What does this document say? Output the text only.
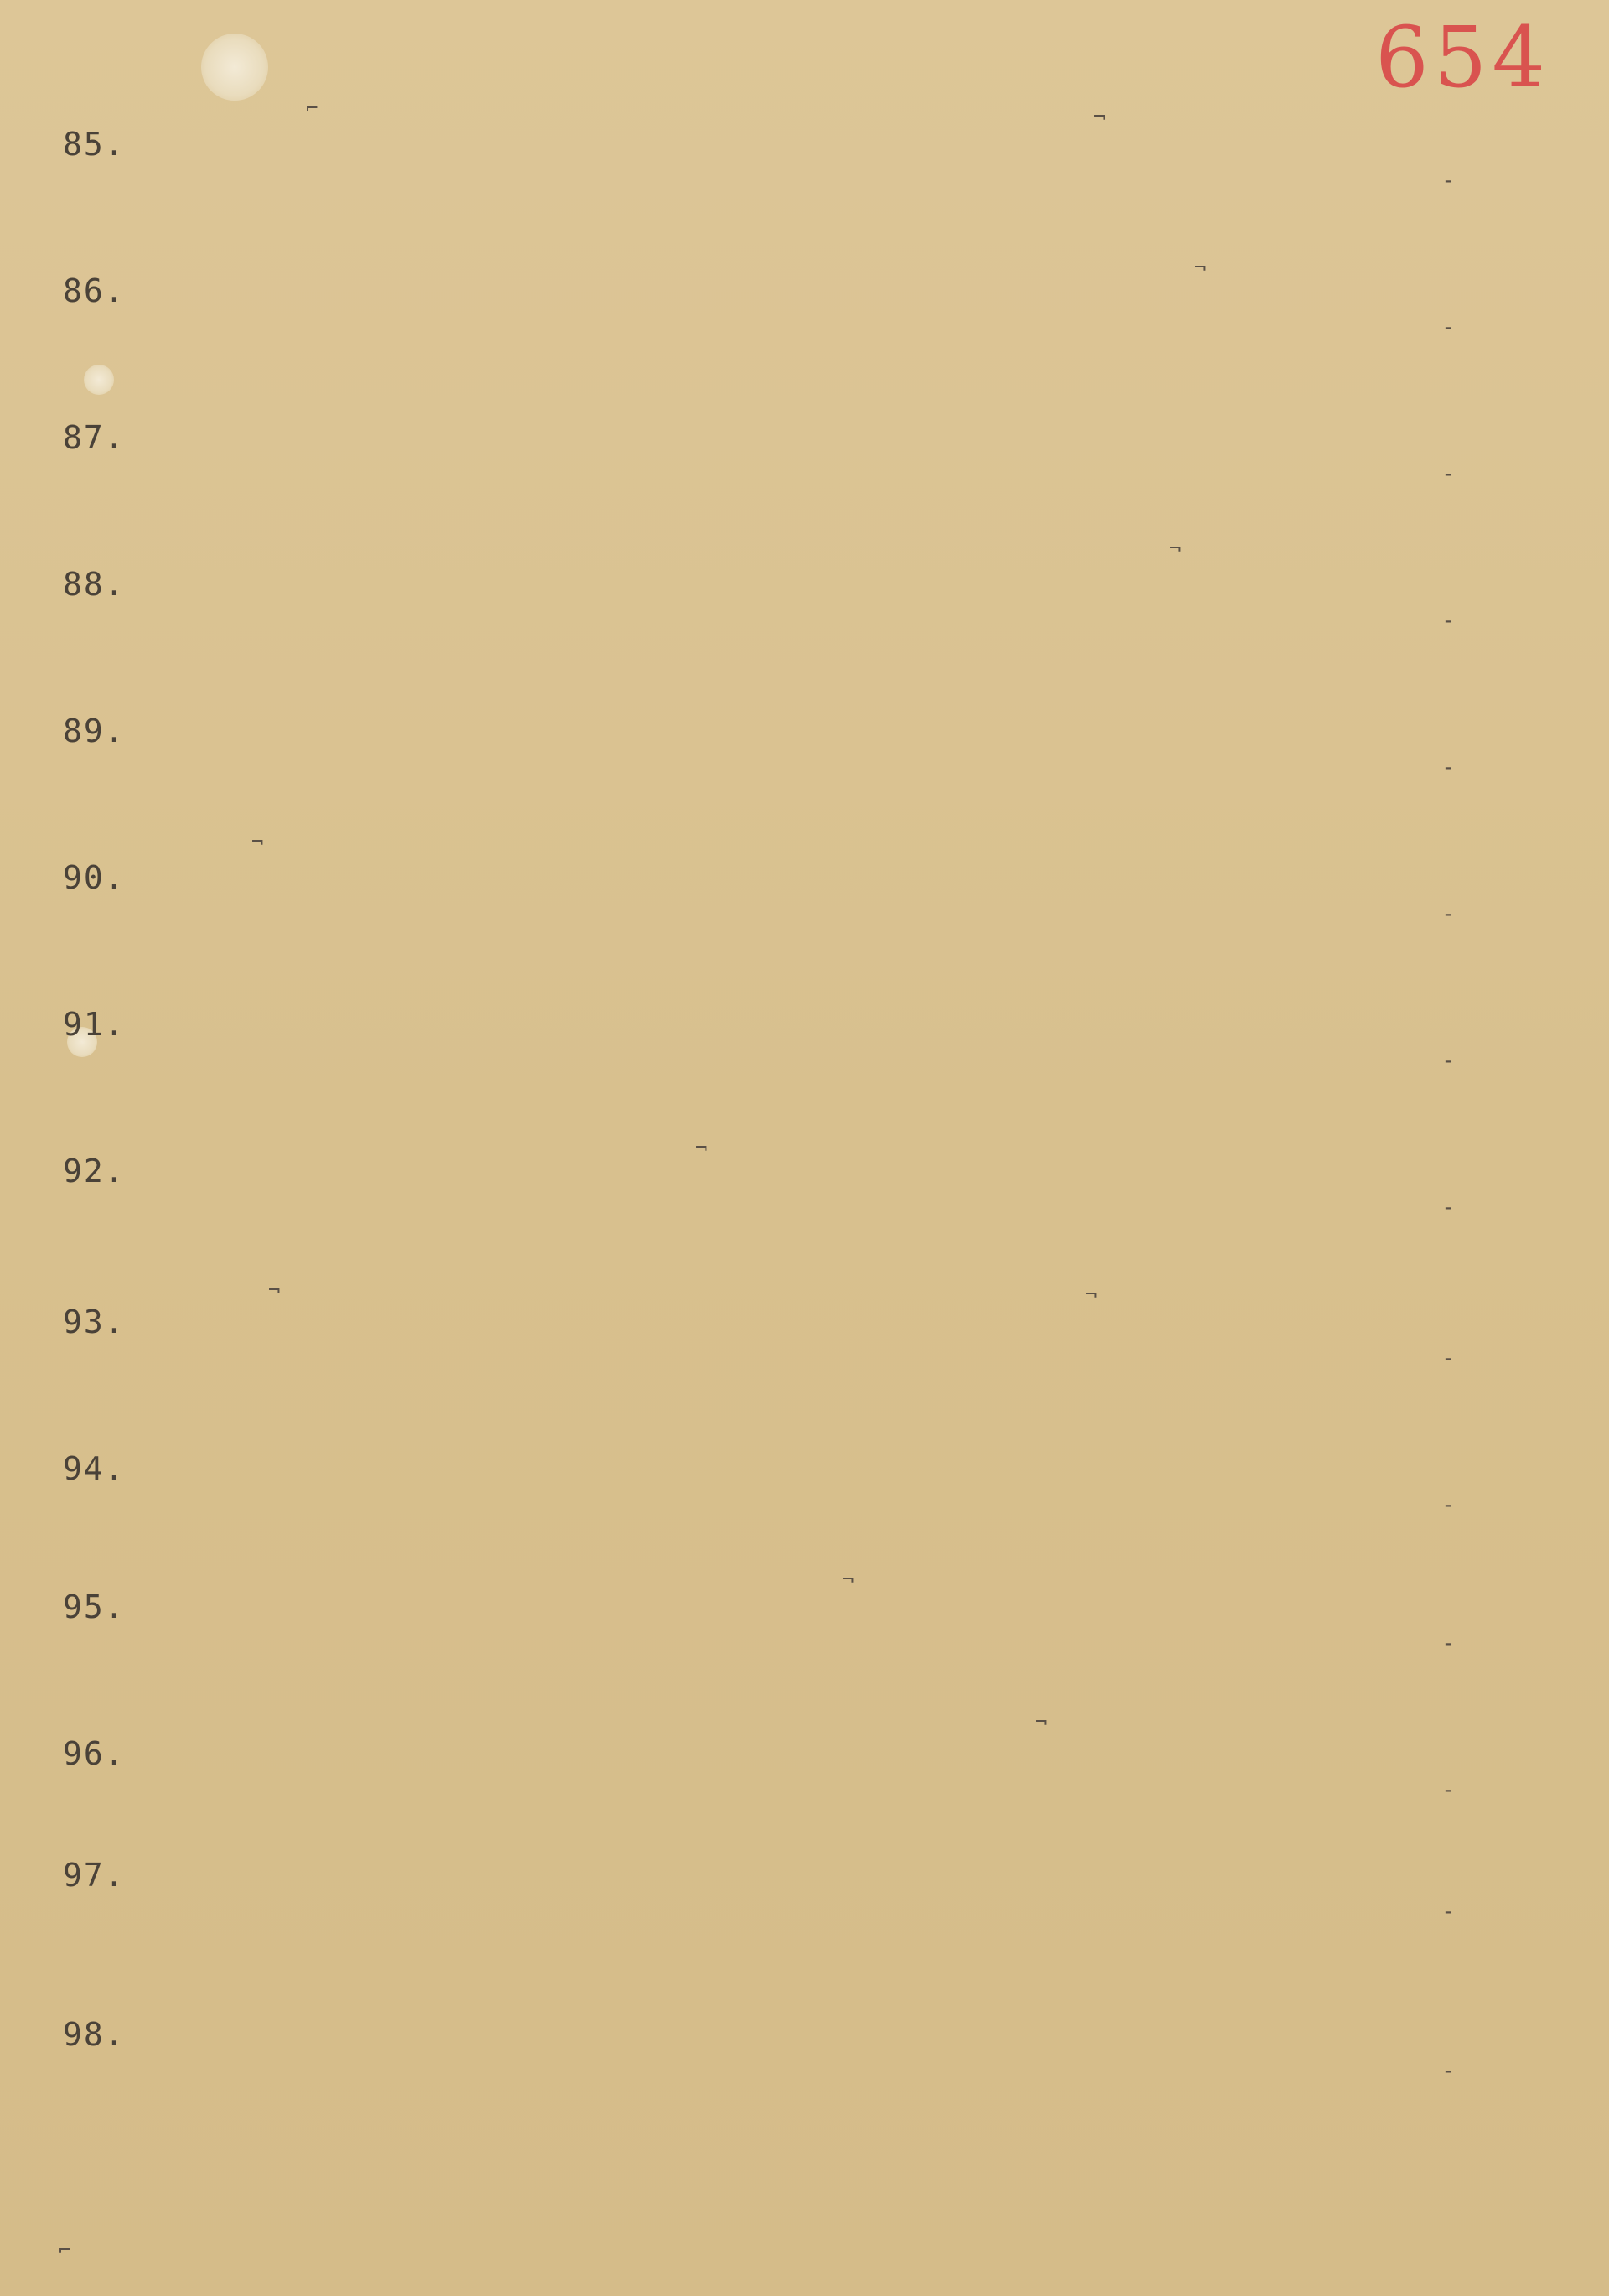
654
85.
-
86.
-
87.
-
88.
-
89.
-
90.
-
91.
-
92.
-
93.
-
94.
-
95.
-
96.
-
97.
-
98.
-
⌐	¬
¬
¬
¬
¬
¬	¬
¬
¬
⌐
